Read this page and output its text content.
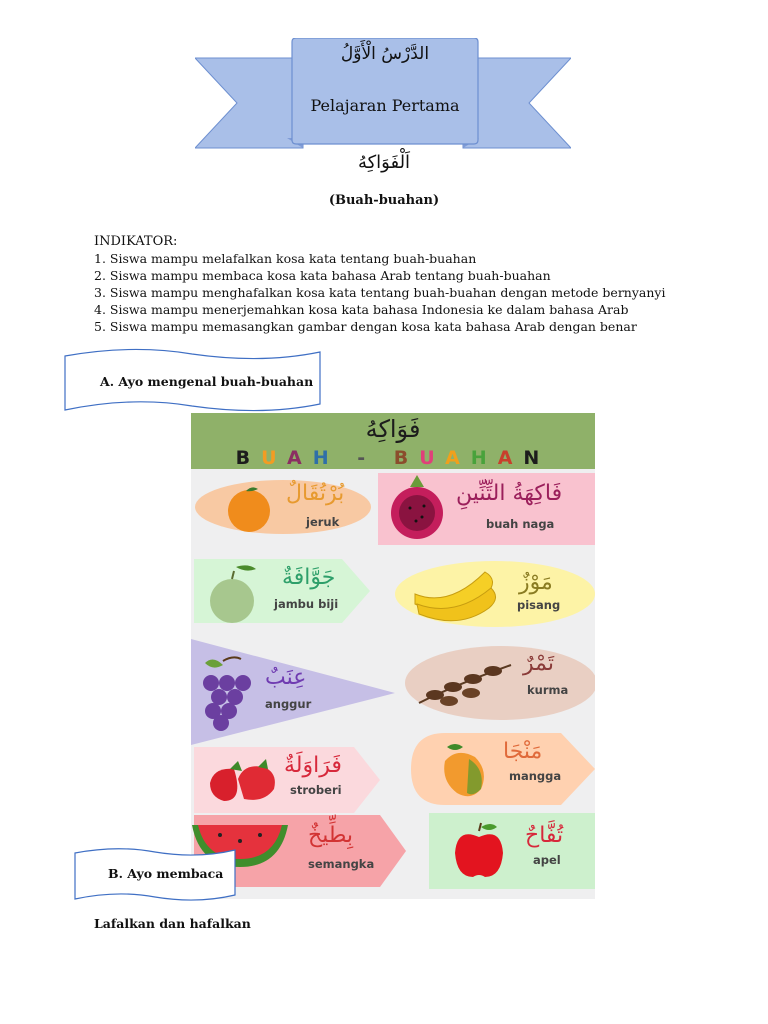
الدَّرْسُ الْأَوَّلُ
Pelajaran Pertama
اَلْفَوَاكِهُ
(Buah-buahan)
INDIKATOR:
1. Siswa mampu melafalkan kosa kata tentang buah-buahan
2. Siswa mampu membaca kosa kata bahasa Arab tentang buah-buahan
3. Siswa mampu menghafalkan kosa kata tentang buah-buahan dengan metode bernyanyi
4. Siswa mampu menerjemahkan kosa kata bahasa Indonesia ke dalam bahasa Arab
5. Siswa mampu memasangkan gambar dengan kosa kata bahasa Arab dengan benar
A. Ayo mengenal buah-buahan
فَوَاكِهُ
BUAH - BUAHAN
بُرْتُقَالٌ
jeruk
فَاكِهَةُ التِّنِّينِ
buah naga
جَوَّافَةٌ
jambu biji
مَوْزٌ
pisang
عِنَبٌ
anggur
تَمْرٌ
kurma
فَرَاوَلَةٌ
stroberi
مَنْجَا
mangga
بِطِّيخٌ
semangka
تُفَّاحٌ
apel
B. Ayo membaca
Lafalkan dan hafalkan
